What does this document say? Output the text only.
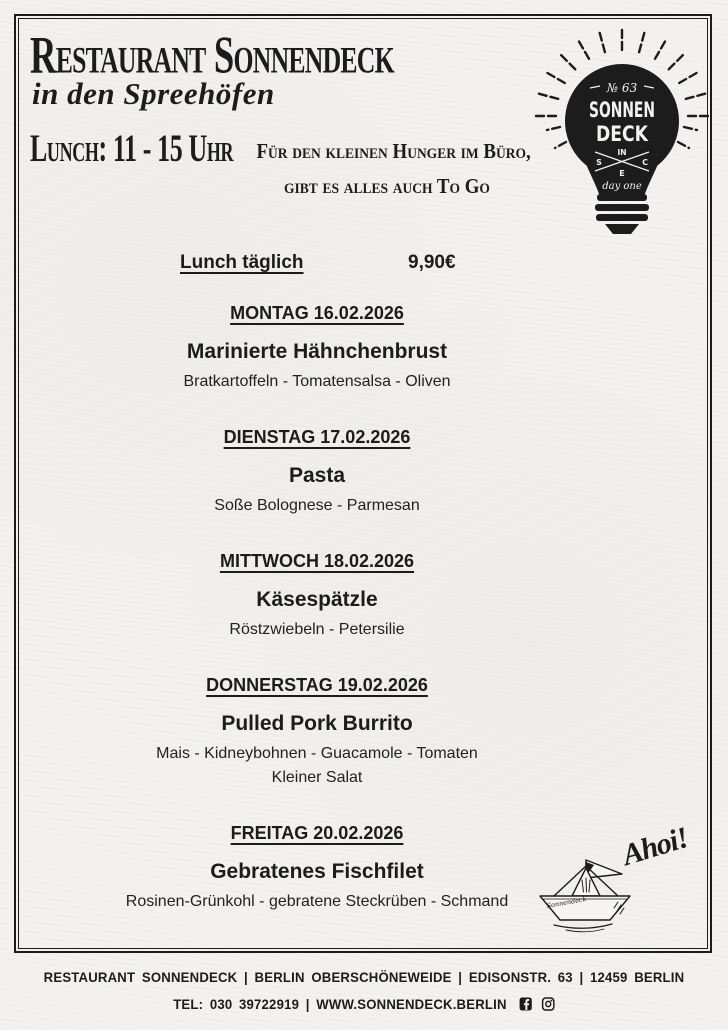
Restaurant Sonnendeck
in den Spreehöfen
Lunch: 11 - 15 Uhr Für den kleinen Hunger im Büro,
gibt es alles auch To Go
№ 63
SONNEN
DECK
IN
S	C
E
day one
Lunch täglich	9,90€
MONTAG 16.02.2026
Marinierte Hähnchenbrust
Bratkartoffeln - Tomatensalsa - Oliven
DIENSTAG 17.02.2026
Pasta
Soße Bolognese - Parmesan
MITTWOCH 18.02.2026
Käsespätzle
Röstzwiebeln - Petersilie
DONNERSTAG 19.02.2026
Pulled Pork Burrito
Mais - Kidneybohnen - Guacamole - Tomaten
Kleiner Salat
FREITAG 20.02.2026
Gebratenes Fischfilet
Rosinen-Grünkohl - gebratene Steckrüben - Schmand
Ahoi!
Sonnendeck
RESTAURANT SONNENDECK | BERLIN OBERSCHÖNEWEIDE | EDISONSTR. 63 | 12459 BERLIN
TEL: 030 39722919 | WWW.SONNENDECK.BERLIN
